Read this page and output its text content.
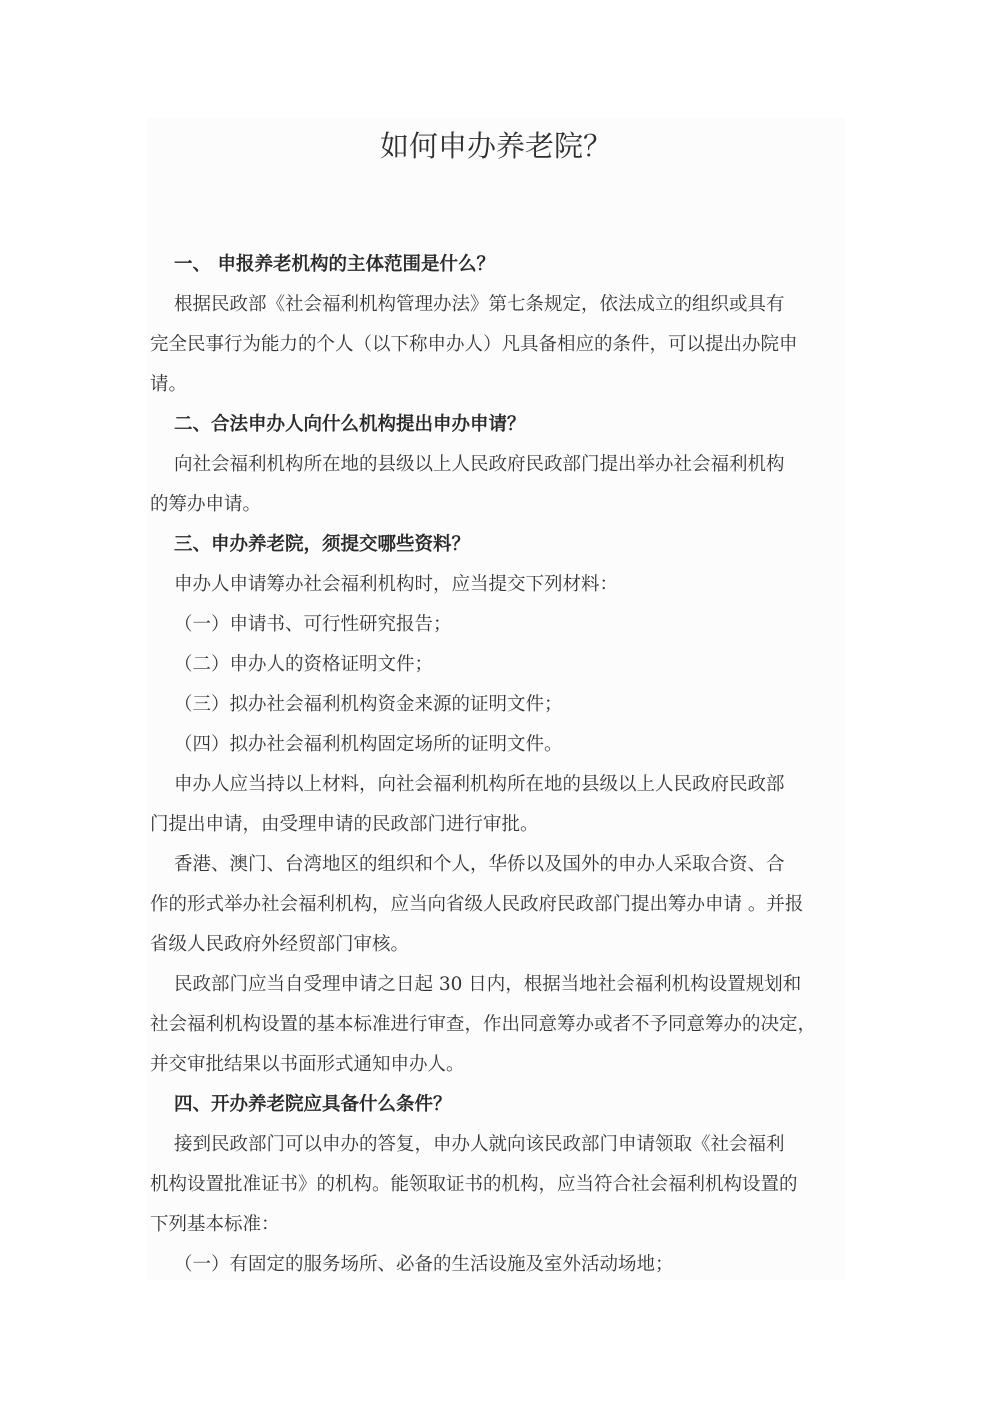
如何申办养老院？
一、 申报养老机构的主体范围是什么？
根据民政部《社会福利机构管理办法》第七条规定，依法成立的组织或具有
完全民事行为能力的个人（以下称申办人）凡具备相应的条件，可以提出办院申
请。
二、合法申办人向什么机构提出申办申请？
向社会福利机构所在地的县级以上人民政府民政部门提出举办社会福利机构
的筹办申请。
三、申办养老院，须提交哪些资料？
申办人申请筹办社会福利机构时，应当提交下列材料：
（一）申请书、可行性研究报告；
（二）申办人的资格证明文件；
（三）拟办社会福利机构资金来源的证明文件；
（四）拟办社会福利机构固定场所的证明文件。
申办人应当持以上材料，向社会福利机构所在地的县级以上人民政府民政部
门提出申请，由受理申请的民政部门进行审批。
香港、澳门、台湾地区的组织和个人，华侨以及国外的申办人采取合资、合
作的形式举办社会福利机构，应当向省级人民政府民政部门提出筹办申请 。并报
省级人民政府外经贸部门审核。
民政部门应当自受理申请之日起 30 日内，根据当地社会福利机构设置规划和
社会福利机构设置的基本标准进行审查，作出同意筹办或者不予同意筹办的决定，
并交审批结果以书面形式通知申办人。
四、开办养老院应具备什么条件？
接到民政部门可以申办的答复，申办人就向该民政部门申请领取《社会福利
机构设置批准证书》的机构。能领取证书的机构，应当符合社会福利机构设置的
下列基本标准：
（一）有固定的服务场所、必备的生活设施及室外活动场地；
